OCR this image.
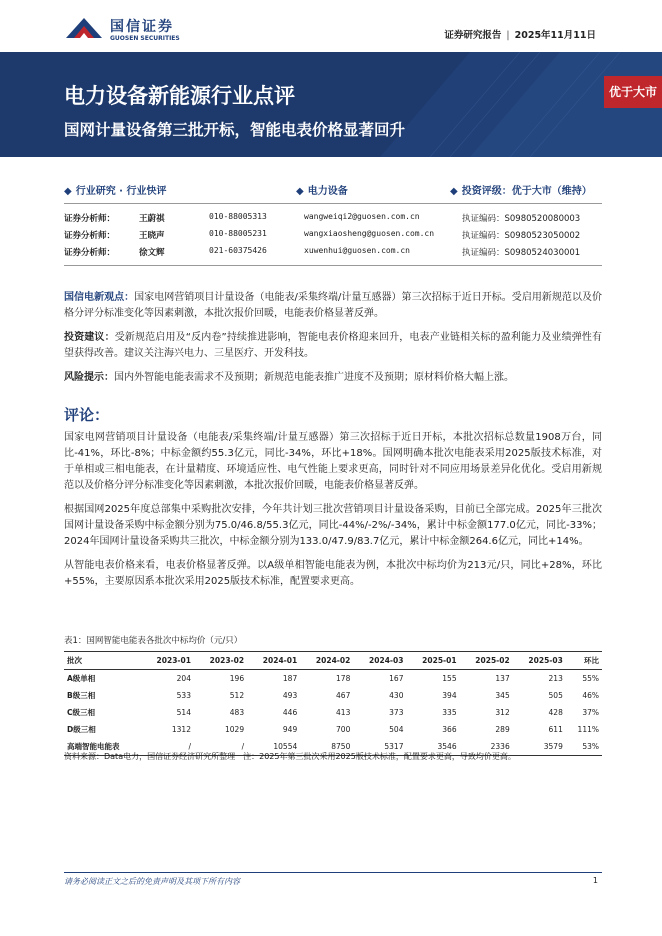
国信证券
GUOSEN SECURITIES	证券研究报告 | 2025年11月11日
电力设备新能源行业点评
国网计量设备第三批开标，智能电表价格显著回升
优于大市
◆ 行业研究 · 行业快评	◆ 电力设备	◆ 投资评级：优于大市（维持）
证券分析师：	王蔚祺	010-88005313	wangweiqi2@guosen.com.cn	执证编码：S0980520080003
证券分析师：	王晓声	010-88005231	wangxiaosheng@guosen.com.cn	执证编码：S0980523050002
证券分析师：	徐文辉	021-60375426	xuwenhui@guosen.com.cn	执证编码：S0980524030001

国信电新观点：国家电网营销项目计量设备（电能表/采集终端/计量互感器）第三次招标于近日开标。受启用新规范以及价格分评分标准变化等因素刺激，本批次报价回暖，电能表价格显著反弹。

投资建议：受新规范启用及“反内卷”持续推进影响，智能电表价格迎来回升，电表产业链相关标的盈利能力及业绩弹性有望获得改善。建议关注海兴电力、三星医疗、开发科技。

风险提示：国内外智能电能表需求不及预期；新规范电能表推广进度不及预期；原材料价格大幅上涨。

评论：

国家电网营销项目计量设备（电能表/采集终端/计量互感器）第三次招标于近日开标，本批次招标总数量1908万台，同比-41%，环比-8%；中标金额约55.3亿元，同比-34%，环比+18%。国网明确本批次电能表采用2025版技术标准，对于单相或三相电能表，在计量精度、环境适应性、电气性能上要求更高，同时针对不同应用场景差异化优化。受启用新规范以及价格分评分标准变化等因素刺激，本批次报价回暖，电能表价格显著反弹。

根据国网2025年度总部集中采购批次安排，今年共计划三批次营销项目计量设备采购，目前已全部完成。2025年三批次国网计量设备采购中标金额分别为75.0/46.8/55.3亿元，同比-44%/-2%/-34%，累计中标金额177.0亿元，同比-33%；2024年国网计量设备采购共三批次，中标金额分别为133.0/47.9/83.7亿元，累计中标金额264.6亿元，同比+14%。

从智能电表价格来看，电表价格显著反弹。以A级单相智能电能表为例，本批次中标均价为213元/只，同比+28%，环比+55%，主要原因系本批次采用2025版技术标准，配置要求更高。

表1：国网智能电能表各批次中标均价（元/只）
批次	2023-01	2023-02	2024-01	2024-02	2024-03	2025-01	2025-02	2025-03	环比
A级单相	204	196	187	178	167	155	137	213	55%
B级三相	533	512	493	467	430	394	345	505	46%
C级三相	514	483	446	413	373	335	312	428	37%
D级三相	1312	1029	949	700	504	366	289	611	111%
高端智能电能表	/	/	10554	8750	5317	3546	2336	3579	53%
资料来源：Data电力，国信证券经济研究所整理　注：2025年第三批次采用2025版技术标准，配置要求更高，导致均价更高。
请务必阅读正文之后的免责声明及其项下所有内容	1
